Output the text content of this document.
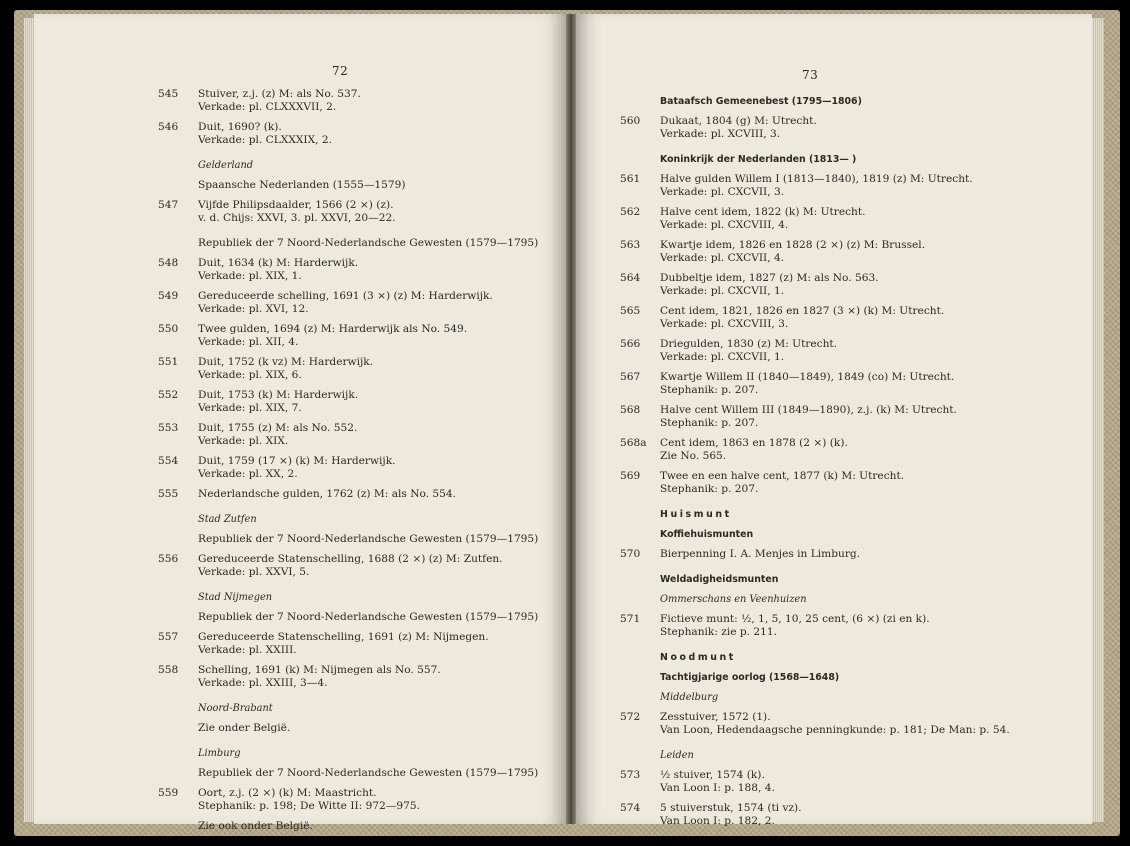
72
545	Stuiver, z.j. (z) M: als No. 537.
Verkade: pl. CLXXXVII, 2.
546	Duit, 1690? (k).
Verkade: pl. CLXXXIX, 2.
Gelderland
Spaansche Nederlanden (1555—1579)
547	Vijfde Philipsdaalder, 1566 (2 ×) (z).
v. d. Chijs: XXVI, 3. pl. XXVI, 20—22.
Republiek der 7 Noord-Nederlandsche Gewesten (1579—1795)
548	Duit, 1634 (k) M: Harderwijk.
Verkade: pl. XIX, 1.
549	Gereduceerde schelling, 1691 (3 ×) (z) M: Harderwijk.
Verkade: pl. XVI, 12.
550	Twee gulden, 1694 (z) M: Harderwijk als No. 549.
Verkade: pl. XII, 4.
551	Duit, 1752 (k vz) M: Harderwijk.
Verkade: pl. XIX, 6.
552	Duit, 1753 (k) M: Harderwijk.
Verkade: pl. XIX, 7.
553	Duit, 1755 (z) M: als No. 552.
Verkade: pl. XIX.
554	Duit, 1759 (17 ×) (k) M: Harderwijk.
Verkade: pl. XX, 2.
555	Nederlandsche gulden, 1762 (z) M: als No. 554.
Stad Zutfen
Republiek der 7 Noord-Nederlandsche Gewesten (1579—1795)
556	Gereduceerde Statenschelling, 1688 (2 ×) (z) M: Zutfen.
Verkade: pl. XXVI, 5.
Stad Nijmegen
Republiek der 7 Noord-Nederlandsche Gewesten (1579—1795)
557	Gereduceerde Statenschelling, 1691 (z) M: Nijmegen.
Verkade: pl. XXIII.
558	Schelling, 1691 (k) M: Nijmegen als No. 557.
Verkade: pl. XXIII, 3—4.
Noord-Brabant
Zie onder België.
Limburg
Republiek der 7 Noord-Nederlandsche Gewesten (1579—1795)
559	Oort, z.j. (2 ×) (k) M: Maastricht.
Stephanik: p. 198; De Witte II: 972—975.
Zie ook onder België.
73
Bataafsch Gemeenebest (1795—1806)
560	Dukaat, 1804 (g) M: Utrecht.
Verkade: pl. XCVIII, 3.
Koninkrijk der Nederlanden (1813— )
561	Halve gulden Willem I (1813—1840), 1819 (z) M: Utrecht.
Verkade: pl. CXCVII, 3.
562	Halve cent idem, 1822 (k) M: Utrecht.
Verkade: pl. CXCVIII, 4.
563	Kwartje idem, 1826 en 1828 (2 ×) (z) M: Brussel.
Verkade: pl. CXCVII, 4.
564	Dubbeltje idem, 1827 (z) M: als No. 563.
Verkade: pl. CXCVII, 1.
565	Cent idem, 1821, 1826 en 1827 (3 ×) (k) M: Utrecht.
Verkade: pl. CXCVIII, 3.
566	Driegulden, 1830 (z) M: Utrecht.
Verkade: pl. CXCVII, 1.
567	Kwartje Willem II (1840—1849), 1849 (co) M: Utrecht.
Stephanik: p. 207.
568	Halve cent Willem III (1849—1890), z.j. (k) M: Utrecht.
Stephanik: p. 207.
568a	Cent idem, 1863 en 1878 (2 ×) (k).
Zie No. 565.
569	Twee en een halve cent, 1877 (k) M: Utrecht.
Stephanik: p. 207.
Huismunt
Koffiehuismunten
570	Bierpenning I. A. Menjes in Limburg.
Weldadigheidsmunten
Ommerschans en Veenhuizen
571	Fictieve munt: ½, 1, 5, 10, 25 cent, (6 ×) (zi en k).
Stephanik: zie p. 211.
Noodmunt
Tachtigjarige oorlog (1568—1648)
Middelburg
572	Zesstuiver, 1572 (1).
Van Loon, Hedendaagsche penningkunde: p. 181; De Man: p. 54.
Leiden
573	½ stuiver, 1574 (k).
Van Loon I: p. 188, 4.
574	5 stuiverstuk, 1574 (ti vz).
Van Loon I: p. 182, 2.
